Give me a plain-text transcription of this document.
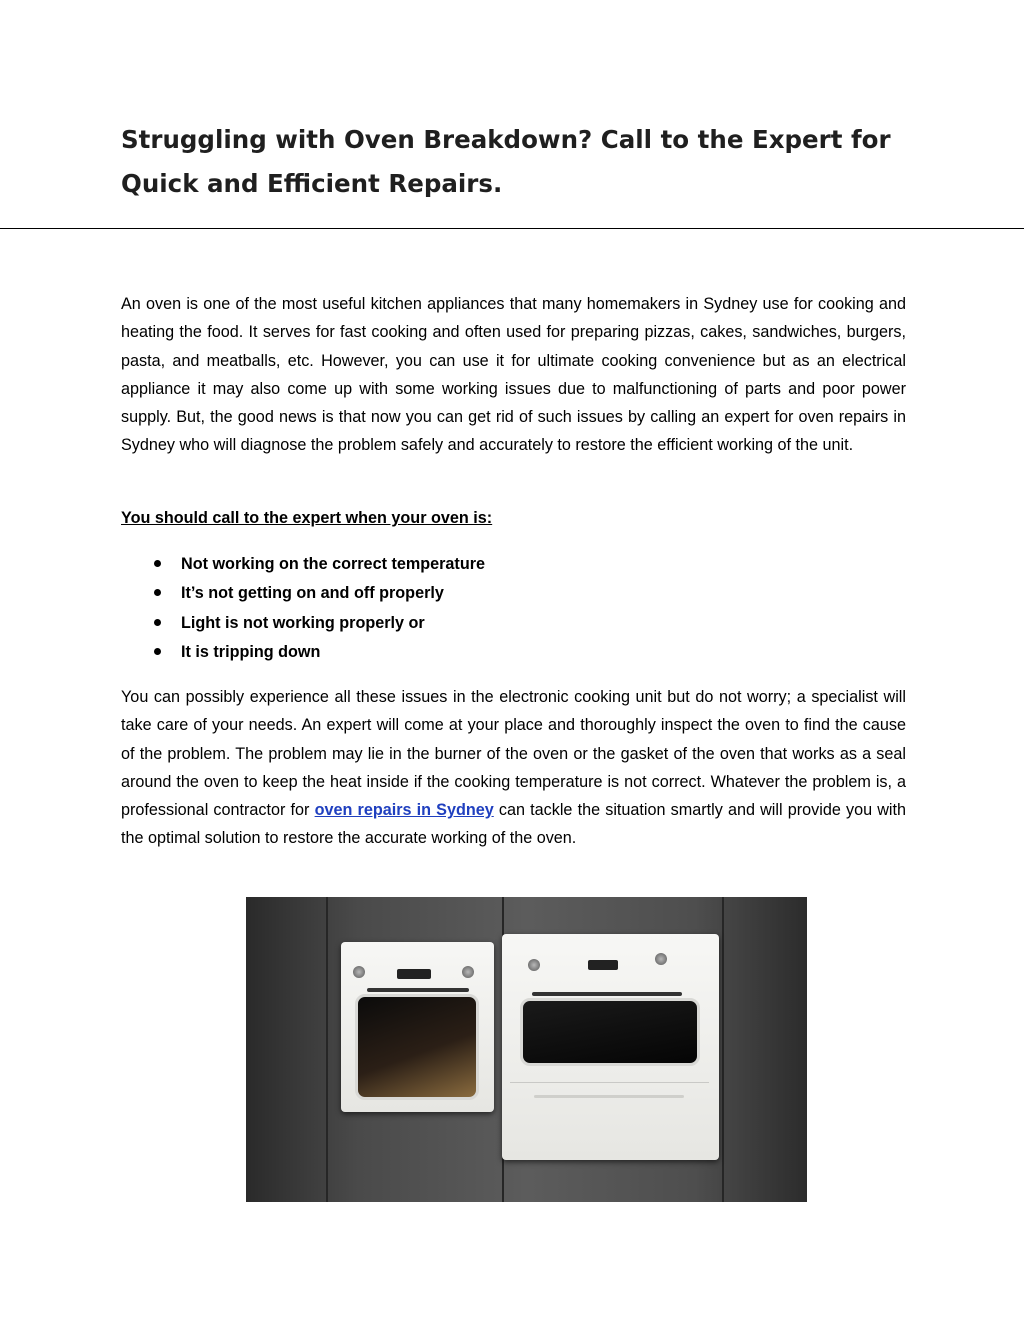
Struggling with Oven Breakdown? Call to the Expert for Quick and Efficient Repairs.

An oven is one of the most useful kitchen appliances that many homemakers in Sydney use for cooking and heating the food. It serves for fast cooking and often used for preparing pizzas, cakes, sandwiches, burgers, pasta, and meatballs, etc. However, you can use it for ultimate cooking convenience but as an electrical appliance it may also come up with some working issues due to malfunctioning of parts and poor power supply. But, the good news is that now you can get rid of such issues by calling an expert for oven repairs in Sydney who will diagnose the problem safely and accurately to restore the efficient working of the unit.

You should call to the expert when your oven is:

Not working on the correct temperature
It’s not getting on and off properly
Light is not working properly or
It is tripping down

You can possibly experience all these issues in the electronic cooking unit but do not worry; a specialist will take care of your needs. An expert will come at your place and thoroughly inspect the oven to find the cause of the problem. The problem may lie in the burner of the oven or the gasket of the oven that works as a seal around the oven to keep the heat inside if the cooking temperature is not correct. Whatever the problem is, a professional contractor for oven repairs in Sydney can tackle the situation smartly and will provide you with the optimal solution to restore the accurate working of the oven.
